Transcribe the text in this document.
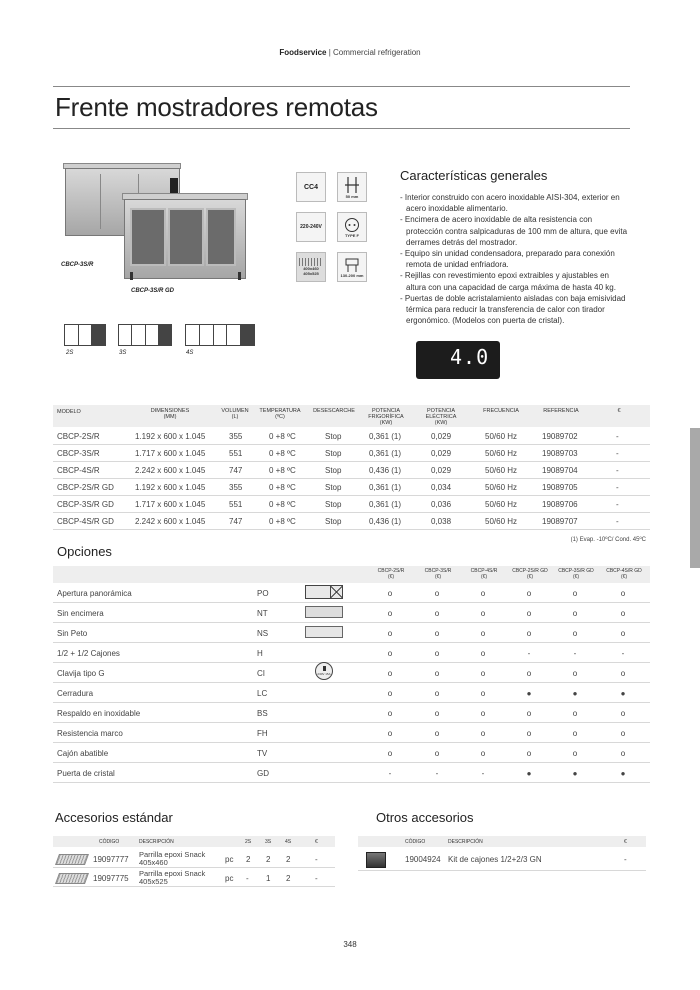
Foodservice | Commercial refrigeration
Frente mostradores remotas
CBCP-3S/R
CBCP-3S/R GD
CC4
50 mm
220-240V
TYPE F
400x460
405x525	130-200 mm
Características generales
- Interior construido con acero inoxidable AISI-304, exterior en acero inoxidable alimentario.
- Encimera de acero inoxidable de alta resistencia con protección contra salpicaduras de 100 mm de altura, que evita derrames detrás del mostrador.
- Equipo sin unidad condensadora, preparado para conexión remota de unidad enfriadora.
- Rejillas con revestimiento epoxi extraibles y ajustables en altura con una capacidad de carga máxima de hasta 40 kg.
- Puertas de doble acristalamiento aisladas con baja emisividad térmica para reducir la transferencia de calor con tirador ergonómico. (Modelos con puerta de cristal).
4.0
2S	3S	4S
MODELO	DIMENSIONES
(MM)
VOLUMEN
(L)
TEMPERATURA
(ºC)
DESESCARCHE	POTENCIA
FRIGORÍFICA
(KW)
POTENCIA
ELÉCTRICA
(KW)
FRECUENCIA	REFERENCIA	€
CBCP-2S/R	1.192 x 600 x 1.045	355	0 +8 ºC	Stop	0,361 (1)	0,029	50/60 Hz	19089702	-
CBCP-3S/R	1.717 x 600 x 1.045	551	0 +8 ºC	Stop	0,361 (1)	0,029	50/60 Hz	19089703	-
CBCP-4S/R	2.242 x 600 x 1.045	747	0 +8 ºC	Stop	0,436 (1)	0,029	50/60 Hz	19089704	-
CBCP-2S/R GD	1.192 x 600 x 1.045	355	0 +8 ºC	Stop	0,361 (1)	0,034	50/60 Hz	19089705	-
CBCP-3S/R GD	1.717 x 600 x 1.045	551	0 +8 ºC	Stop	0,361 (1)	0,036	50/60 Hz	19089706	-
CBCP-4S/R GD	2.242 x 600 x 1.045	747	0 +8 ºC	Stop	0,436 (1)	0,038	50/60 Hz	19089707	-
(1) Evap. -10ºC/ Cond. 45ºC
Opciones
CBCP-2S/R
(€)
CBCP-3S/R
(€)
CBCP-4S/R
(€)
CBCP-2S/R GD
(€)
CBCP-3S/R GD
(€)
CBCP-4S/R GD
(€)
Apertura panorámica	PO	o	o	o	o	o	o
Sin encimera	NT	o	o	o	o	o	o
Sin Peto	NS	o	o	o	o	o	o
1/2 + 1/2 Cajones	H	o	o	o	-	-	-
Clavija tipo G	CI	o	o	o	o	o	o
Cerradura	LC	o	o	o	●	●	●
Respaldo en inoxidable	BS	o	o	o	o	o	o
Resistencia marco	FH	o	o	o	o	o	o
Cajón abatible	TV	o	o	o	o	o	o
Puerta de cristal	GD	-	-	-	●	●	●
230V 15A
Accesorios estándar
CÓDIGO	DESCRIPCIÓN	2S	3S	4S	€
19097777
Parrilla epoxi Snack
405x460	pc 2 2 2	-
19097775
Parrilla epoxi Snack
405x525	pc - 1 2	-
Otros accesorios
CÓDIGO	DESCRIPCIÓN	€
19004924 Kit de cajones 1/2+2/3 GN	-
348
